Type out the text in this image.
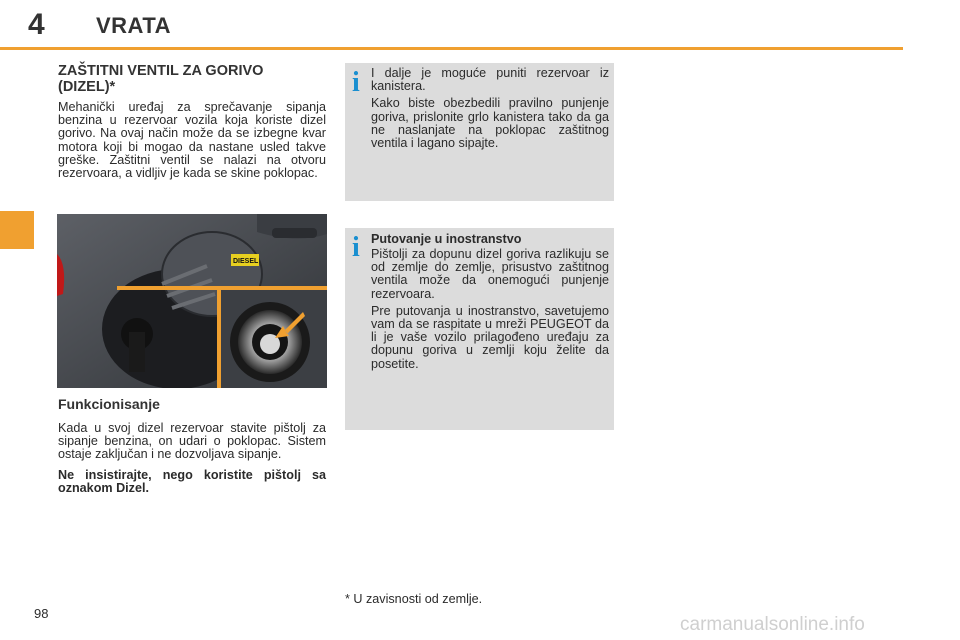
4 VRATA

ZAŠTITNI VENTIL ZA GORIVO

(DIZEL)*

Mehanički uređaj za sprečavanje sipanja benzina u rezervoar vozila koja koriste dizel gorivo. Na ovaj način može da se izbegne kvar motora koji bi mogao da nastane usled takve greške. Zaštitni ventil se nalazi na otvoru rezervoara, a vidljiv je kada se skine poklopac.

DIESEL

Funkcionisanje

Kada u svoj dizel rezervoar stavite pištolj za sipanje benzina, on udari o poklopac. Sistem ostaje zaključan i ne dozvoljava sipanje.

Ne insistirajte, nego koristite pištolj sa oznakom Dizel.

i I dalje je moguće puniti rezervoar iz kanistera.

Kako biste obezbedili pravilno punjenje goriva, prislonite grlo kanistera tako da ga ne naslanjate na poklopac zaštitnog ventila i lagano sipajte.

i Putovanje u inostranstvo

Pištolji za dopunu dizel goriva razlikuju se od zemlje do zemlje, prisustvo zaštitnog ventila može da onemogući punjenje rezervoara.

Pre putovanja u inostranstvo, savetujemo vam da se raspitate u mreži PEUGEOT da li je vaše vozilo prilagođeno uređaju za dopunu goriva u zemlji koju želite da posetite.

* U zavisnosti od zemlje.
98
carmanualsonline.info
